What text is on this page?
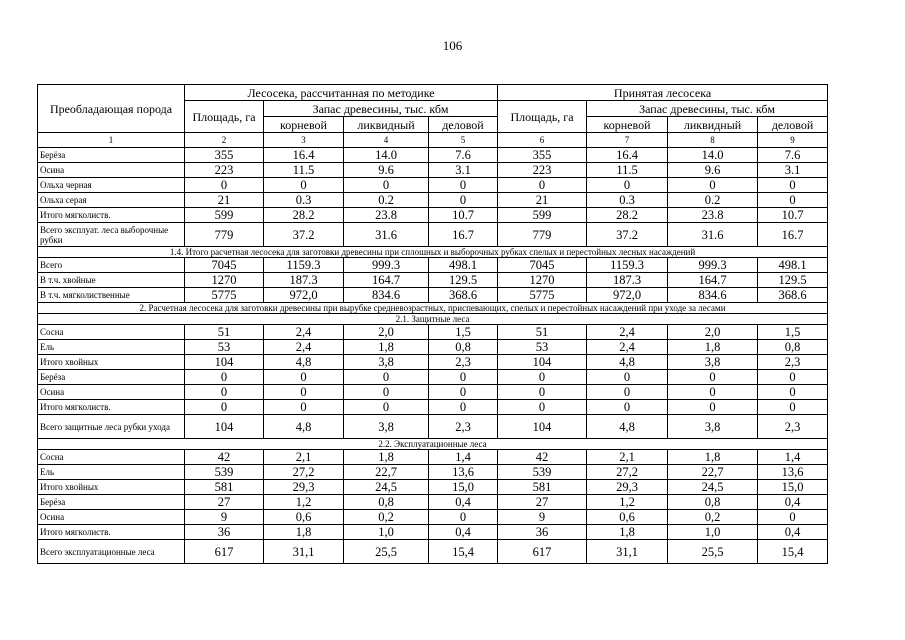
106
Преобладающая порода	Лесосека, рассчитанная по методике				Принятая лесосека			
	Площадь, га	Запас древесины, тыс. кбм			Площадь, га	Запас древесины, тыс. кбм		
		корневой	ликвидный	деловой		корневой	ликвидный	деловой
1	2	3	4	5	6	7	8	9
Берёза	355	16.4	14.0	7.6	355	16.4	14.0	7.6
Осина	223	11.5	9.6	3.1	223	11.5	9.6	3.1
Ольха черная	0	0	0	0	0	0	0	0
Ольха серая	21	0.3	0.2	0	21	0.3	0.2	0
Итого мягколиств.	599	28.2	23.8	10.7	599	28.2	23.8	10.7
Всего эксплуат. леса выборочные рубки	779	37.2	31.6	16.7	779	37.2	31.6	16.7
1.4. Итого расчетная лесосека для заготовки древесины при сплошных и выборочных рубках спелых и перестойных лесных насаждений								
Всего	7045	1159.3	999.3	498.1	7045	1159.3	999.3	498.1
В т.ч. хвойные	1270	187.3	164.7	129.5	1270	187.3	164.7	129.5
В т.ч. мягколиственные	5775	972,0	834.6	368.6	5775	972,0	834.6	368.6
2. Расчетная лесосека для заготовки древесины при вырубке средневозрастных, приспевающих, спелых и перестойных насаждений при уходе за лесами								
2.1. Защитные леса								
Сосна	51	2,4	2,0	1,5	51	2,4	2,0	1,5
Ель	53	2,4	1,8	0,8	53	2,4	1,8	0,8
Итого хвойных	104	4,8	3,8	2,3	104	4,8	3,8	2,3
Берёза	0	0	0	0	0	0	0	0
Осина	0	0	0	0	0	0	0	0
Итого мягколиств.	0	0	0	0	0	0	0	0
Всего защитные леса рубки ухода	104	4,8	3,8	2,3	104	4,8	3,8	2,3
2.2. Эксплуатационные леса								
Сосна	42	2,1	1,8	1,4	42	2,1	1,8	1,4
Ель	539	27,2	22,7	13,6	539	27,2	22,7	13,6
Итого хвойных	581	29,3	24,5	15,0	581	29,3	24,5	15,0
Берёза	27	1,2	0,8	0,4	27	1,2	0,8	0,4
Осина	9	0,6	0,2	0	9	0,6	0,2	0
Итого мягколиств.	36	1,8	1,0	0,4	36	1,8	1,0	0,4
Всего эксплуатационные леса	617	31,1	25,5	15,4	617	31,1	25,5	15,4
